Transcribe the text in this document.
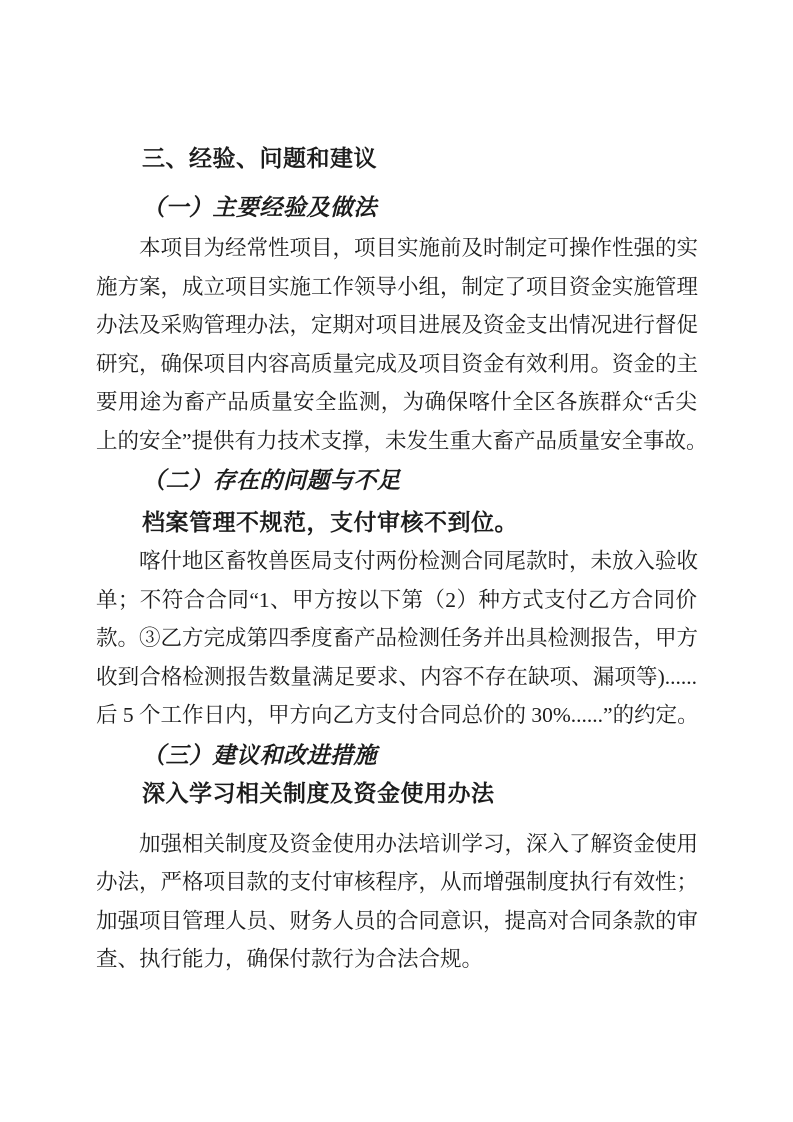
三、经验、问题和建议
（一）主要经验及做法
本项目为经常性项目，项目实施前及时制定可操作性强的实
施方案，成立项目实施工作领导小组，制定了项目资金实施管理
办法及采购管理办法，定期对项目进展及资金支出情况进行督促
研究，确保项目内容高质量完成及项目资金有效利用。资金的主
要用途为畜产品质量安全监测，为确保喀什全区各族群众“舌尖
上的安全”提供有力技术支撑，未发生重大畜产品质量安全事故。
（二）存在的问题与不足
档案管理不规范，支付审核不到位。
喀什地区畜牧兽医局支付两份检测合同尾款时，未放入验收
单；不符合合同“1、甲方按以下第（2）种方式支付乙方合同价
款。③乙方完成第四季度畜产品检测任务并出具检测报告，甲方
收到合格检测报告数量满足要求、内容不存在缺项、漏项等)......
后 5 个工作日内，甲方向乙方支付合同总价的 30%......”的约定。
（三）建议和改进措施
深入学习相关制度及资金使用办法
加强相关制度及资金使用办法培训学习，深入了解资金使用
办法，严格项目款的支付审核程序，从而增强制度执行有效性；
加强项目管理人员、财务人员的合同意识，提高对合同条款的审
查、执行能力，确保付款行为合法合规。
